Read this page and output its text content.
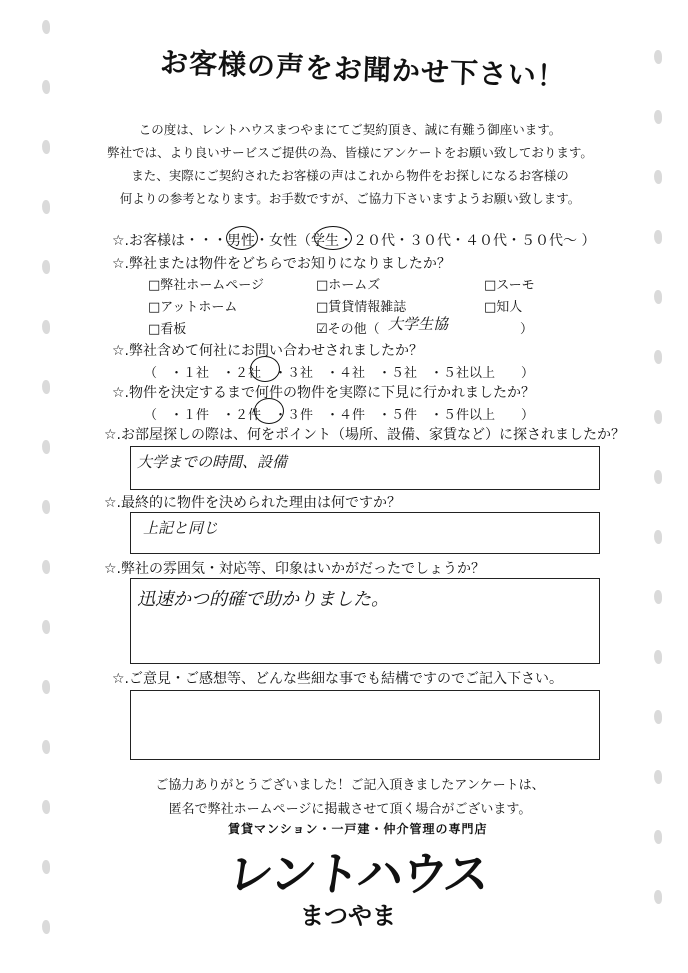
お客様の声をお聞かせ下さい！
この度は、レントハウスまつやまにてご契約頂き、誠に有難う御座います。
弊社では、より良いサービスご提供の為、皆様にアンケートをお願い致しております。
また、実際にご契約されたお客様の声はこれから物件をお探しになるお客様の
何よりの参考となります。お手数ですが、ご協力下さいますようお願い致します。
☆.お客様は・・・男性・女性（学生・２０代・３０代・４０代・５０代～ ）
☆.弊社または物件をどちらでお知りになりましたか？
□弊社ホームページ	□ホームズ	□スーモ
□アットホーム	□賃貸情報雑誌	□知人
□看板	☑その他（ 大学生協	）
☆.弊社含めて何社にお問い合わせされましたか？
（　・１社　・２社　・３社　・４社　・５社　・５社以上　　）
☆.物件を決定するまで何件の物件を実際に下見に行かれましたか？
（　・１件　・２件　・３件　・４件　・５件　・５件以上　　）
☆.お部屋探しの際は、何をポイント（場所、設備、家賃など）に探されましたか？
大学までの時間、設備
☆.最終的に物件を決められた理由は何ですか？
上記と同じ
☆.弊社の雰囲気・対応等、印象はいかがだったでしょうか？
迅速かつ的確で助かりました。
☆.ご意見・ご感想等、どんな些細な事でも結構ですのでご記入下さい。
ご協力ありがとうございました！ご記入頂きましたアンケートは、
匿名で弊社ホームページに掲載させて頂く場合がございます。
賃貸マンション・一戸建・仲介管理の専門店
レントハウス
まつやま
